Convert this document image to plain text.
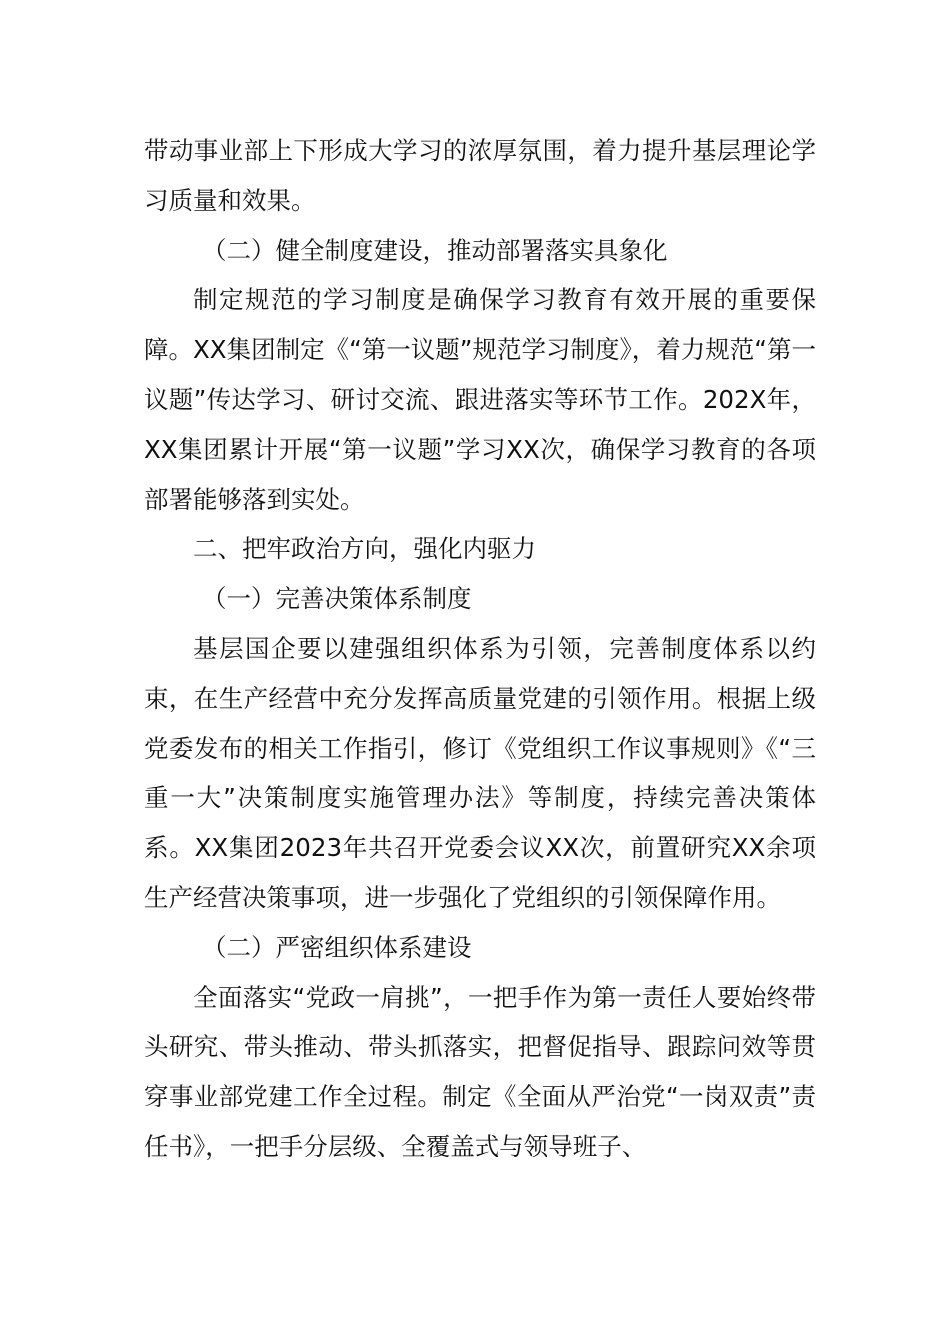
带动事业部上下形成大学习的浓厚氛围，着力提升基层理论学习质量和效果。

（二）健全制度建设，推动部署落实具象化

制定规范的学习制度是确保学习教育有效开展的重要保障。XX集团制定《“第一议题”规范学习制度》，着力规范“第一议题”传达学习、研讨交流、跟进落实等环节工作。202X年，XX集团累计开展“第一议题”学习XX次，确保学习教育的各项部署能够落到实处。

二、把牢政治方向，强化内驱力

（一）完善决策体系制度

基层国企要以建强组织体系为引领，完善制度体系以约束，在生产经营中充分发挥高质量党建的引领作用。根据上级党委发布的相关工作指引，修订《党组织工作议事规则》《“三重一大”决策制度实施管理办法》等制度，持续完善决策体系。XX集团2023年共召开党委会议XX次，前置研究XX余项生产经营决策事项，进一步强化了党组织的引领保障作用。

（二）严密组织体系建设

全面落实“党政一肩挑”，一把手作为第一责任人要始终带头研究、带头推动、带头抓落实，把督促指导、跟踪问效等贯穿事业部党建工作全过程。制定《全面从严治党“一岗双责”责任书》，一把手分层级、全覆盖式与领导班子、
